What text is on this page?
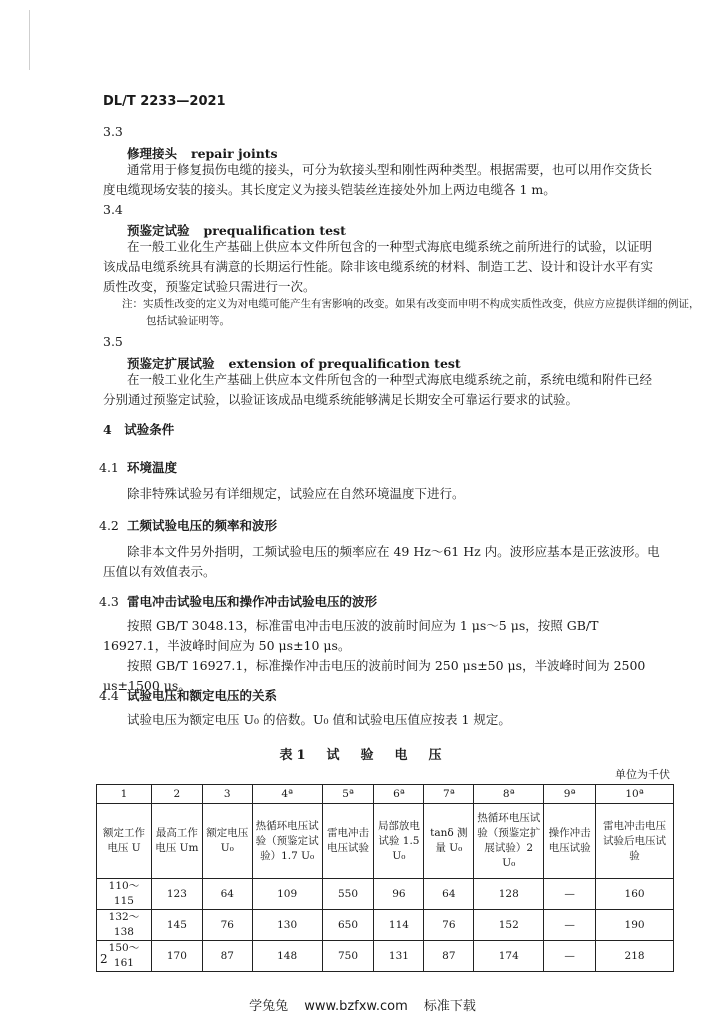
DL/T 2233—2021
3.3
修理接头 repair joints
通常用于修复损伤电缆的接头，可分为软接头型和刚性两种类型。根据需要，也可以用作交货长度电缆现场安装的接头。其长度定义为接头铠装丝连接处外加上两边电缆各 1 m。
3.4
预鉴定试验 prequalification test
在一般工业化生产基础上供应本文件所包含的一种型式海底电缆系统之前所进行的试验，以证明该成品电缆系统具有满意的长期运行性能。除非该电缆系统的材料、制造工艺、设计和设计水平有实质性改变，预鉴定试验只需进行一次。
注：实质性改变的定义为对电缆可能产生有害影响的改变。如果有改变而申明不构成实质性改变，供应方应提供详细的例证，包括试验证明等。
3.5
预鉴定扩展试验 extension of prequalification test
在一般工业化生产基础上供应本文件所包含的一种型式海底电缆系统之前，系统电缆和附件已经分别通过预鉴定试验，以验证该成品电缆系统能够满足长期安全可靠运行要求的试验。
4　试验条件
4.1 环境温度
除非特殊试验另有详细规定，试验应在自然环境温度下进行。
4.2 工频试验电压的频率和波形
除非本文件另外指明，工频试验电压的频率应在 49 Hz～61 Hz 内。波形应基本是正弦波形。电压值以有效值表示。
4.3 雷电冲击试验电压和操作冲击试验电压的波形
按照 GB/T 3048.13，标准雷电冲击电压波的波前时间应为 1 μs～5 μs，按照 GB/T 16927.1，半波峰时间应为 50 μs±10 μs。
按照 GB/T 16927.1，标准操作冲击电压的波前时间为 250 μs±50 μs，半波峰时间为 2500 μs±1500 μs。
4.4 试验电压和额定电压的关系
试验电压为额定电压 U₀ 的倍数。U₀ 值和试验电压值应按表 1 规定。
表1　试　验　电　压
单位为千伏
1	2	3	4ª	5ª	6ª	7ª	8ª	9ª	10ª
额定工作电压 U	最高工作电压 Um	额定电压 U₀	热循环电压试验（预鉴定试验）1.7 U₀	雷电冲击电压试验	局部放电试验 1.5 U₀	tanδ 测量 U₀	热循环电压试验（预鉴定扩展试验）2 U₀	操作冲击电压试验	雷电冲击电压试验后电压试验
110～115	123	64	109	550	96	64	128	—	160
132～138	145	76	130	650	114	76	152	—	190
150～161	170	87	148	750	131	87	174	—	218
2
学兔兔 www.bzfxw.com 标准下载
